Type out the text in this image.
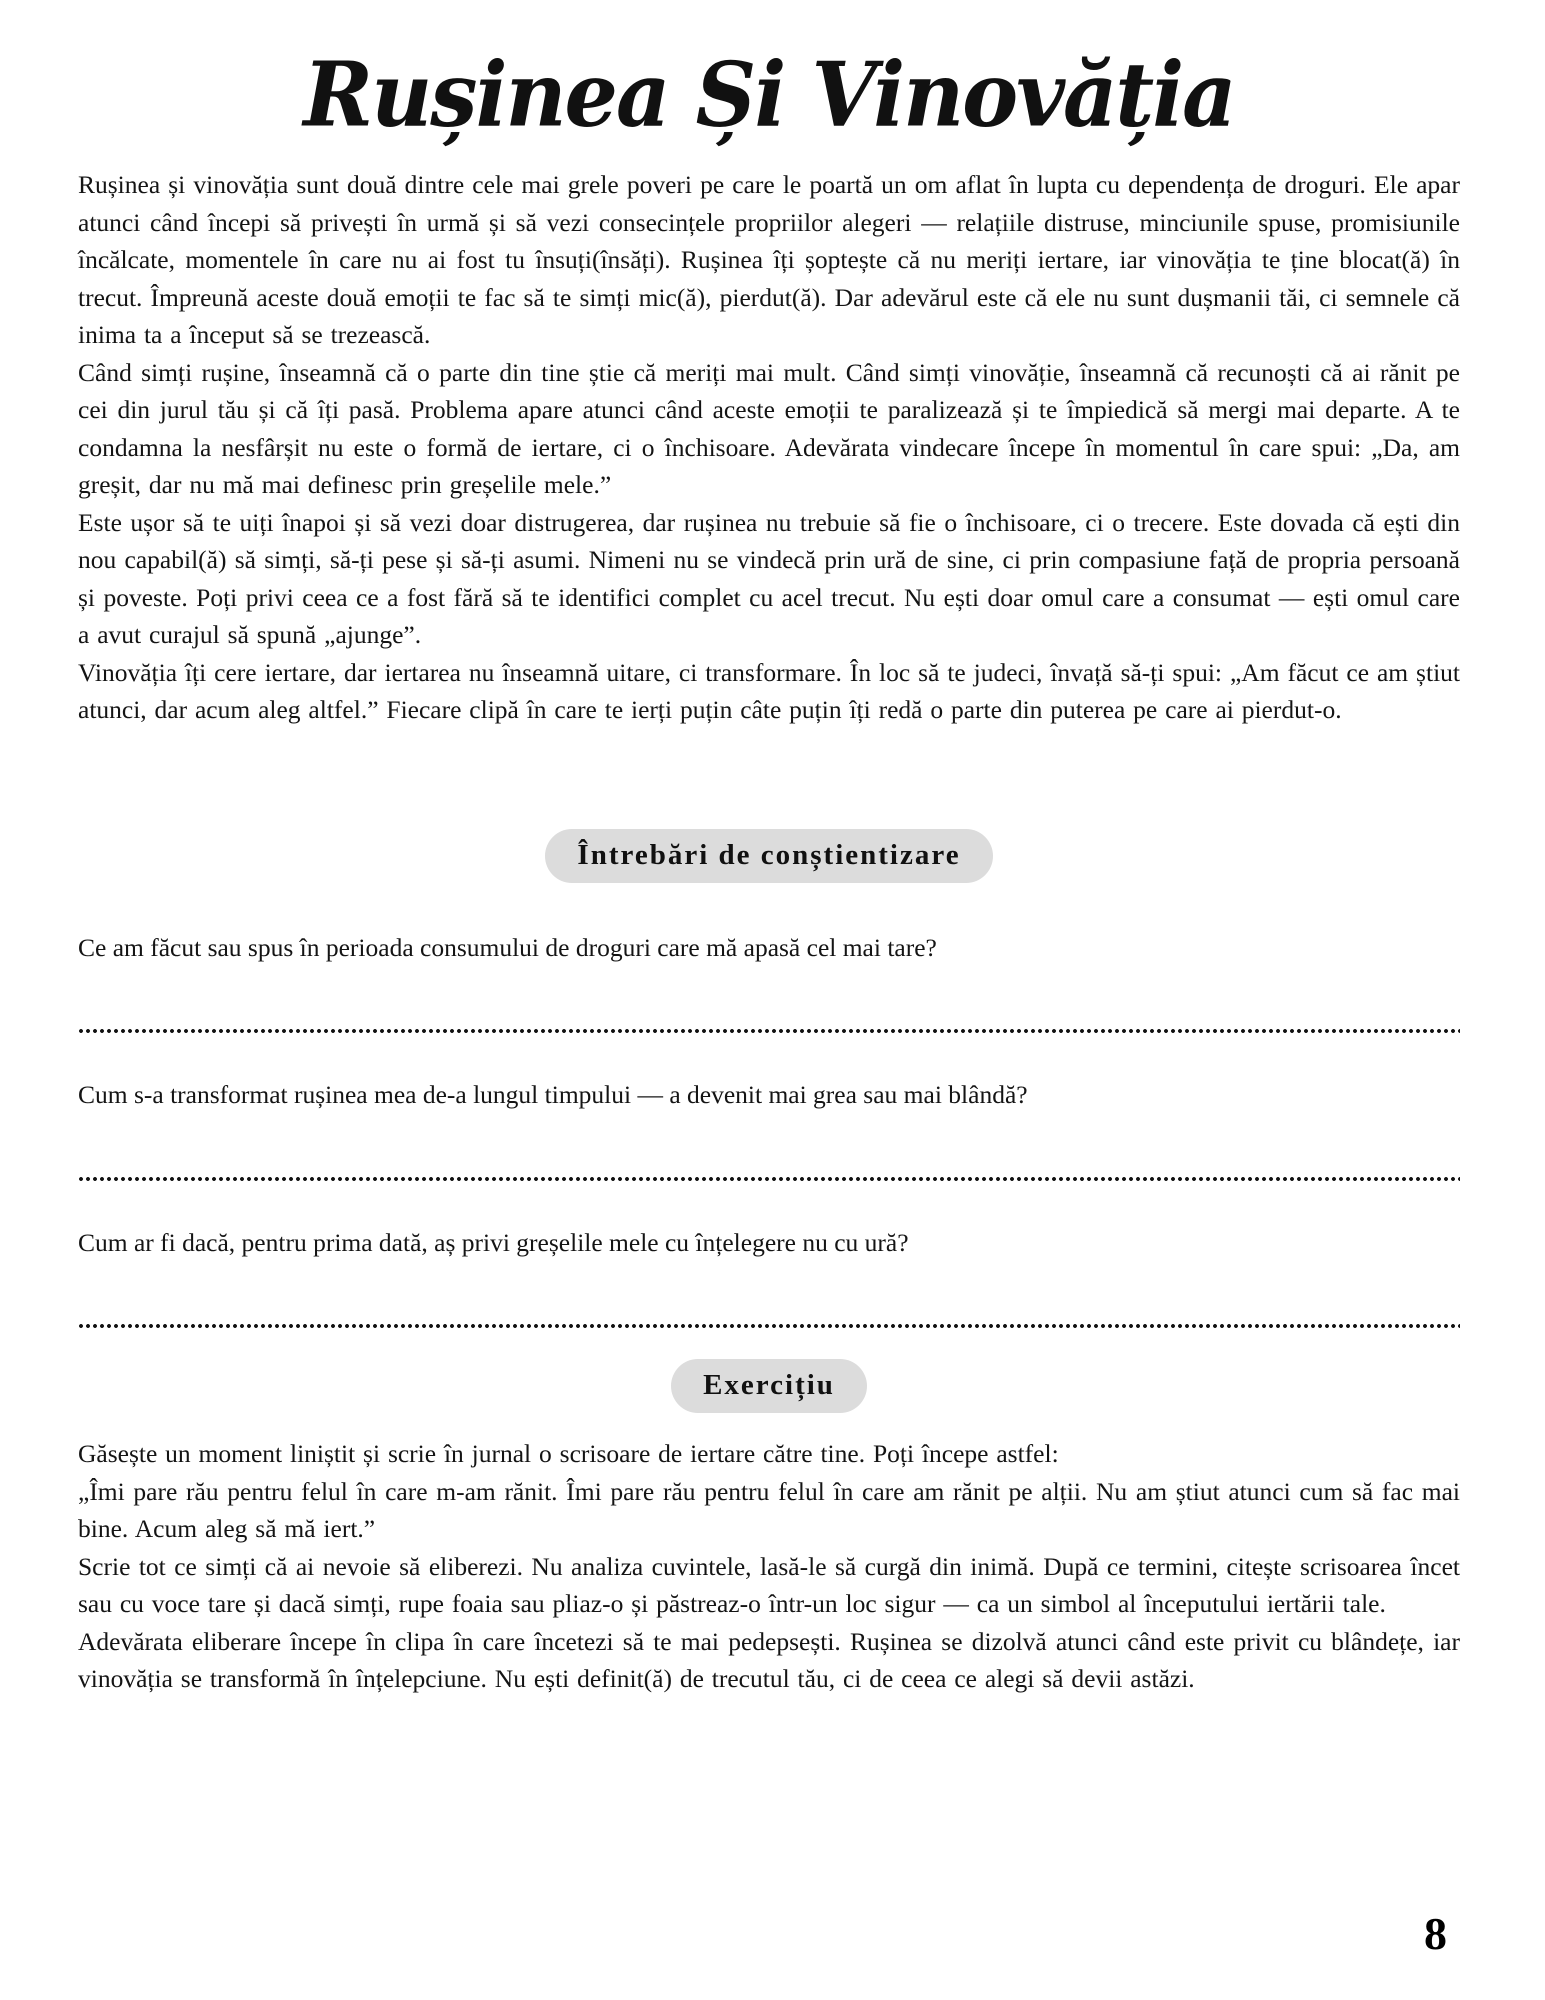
Rușinea Și Vinovăția

Rușinea și vinovăția sunt două dintre cele mai grele poveri pe care le poartă un om aflat în lupta cu dependența de droguri. Ele apar atunci când începi să privești în urmă și să vezi consecințele propriilor alegeri — relațiile distruse, minciunile spuse, promisiunile încălcate, momentele în care nu ai fost tu însuți(însăți). Rușinea îți șoptește că nu meriți iertare, iar vinovăția te ține blocat(ă) în trecut. Împreună aceste două emoții te fac să te simți mic(ă), pierdut(ă). Dar adevărul este că ele nu sunt dușmanii tăi, ci semnele că inima ta a început să se trezească.

Când simți rușine, înseamnă că o parte din tine știe că meriți mai mult. Când simți vinovăție, înseamnă că recunoști că ai rănit pe cei din jurul tău și că îți pasă. Problema apare atunci când aceste emoții te paralizează și te împiedică să mergi mai departe. A te condamna la nesfârșit nu este o formă de iertare, ci o închisoare. Adevărata vindecare începe în momentul în care spui: „Da, am greșit, dar nu mă mai definesc prin greșelile mele.”

Este ușor să te uiți înapoi și să vezi doar distrugerea, dar rușinea nu trebuie să fie o închisoare, ci o trecere. Este dovada că ești din nou capabil(ă) să simți, să-ți pese și să-ți asumi. Nimeni nu se vindecă prin ură de sine, ci prin compasiune față de propria persoană și poveste. Poți privi ceea ce a fost fără să te identifici complet cu acel trecut. Nu ești doar omul care a consumat — ești omul care a avut curajul să spună „ajunge”.

Vinovăția îți cere iertare, dar iertarea nu înseamnă uitare, ci transformare. În loc să te judeci, învață să-ți spui: „Am făcut ce am știut atunci, dar acum aleg altfel.” Fiecare clipă în care te ierți puțin câte puțin îți redă o parte din puterea pe care ai pierdut-o.

Întrebări de conștientizare

Ce am făcut sau spus în perioada consumului de droguri care mă apasă cel mai tare?

Cum s-a transformat rușinea mea de-a lungul timpului — a devenit mai grea sau mai blândă?

Cum ar fi dacă, pentru prima dată, aș privi greșelile mele cu înțelegere nu cu ură?

Exercițiu

Găsește un moment liniștit și scrie în jurnal o scrisoare de iertare către tine. Poți începe astfel:

„Îmi pare rău pentru felul în care m-am rănit. Îmi pare rău pentru felul în care am rănit pe alții. Nu am știut atunci cum să fac mai bine. Acum aleg să mă iert.”

Scrie tot ce simți că ai nevoie să eliberezi. Nu analiza cuvintele, lasă-le să curgă din inimă. După ce termini, citește scrisoarea încet sau cu voce tare și dacă simți, rupe foaia sau pliaz-o și păstreaz-o într-un loc sigur — ca un simbol al începutului iertării tale.

Adevărata eliberare începe în clipa în care încetezi să te mai pedepsești. Rușinea se dizolvă atunci când este privit cu blândețe, iar vinovăția se transformă în înțelepciune. Nu ești definit(ă) de trecutul tău, ci de ceea ce alegi să devii astăzi.

8
